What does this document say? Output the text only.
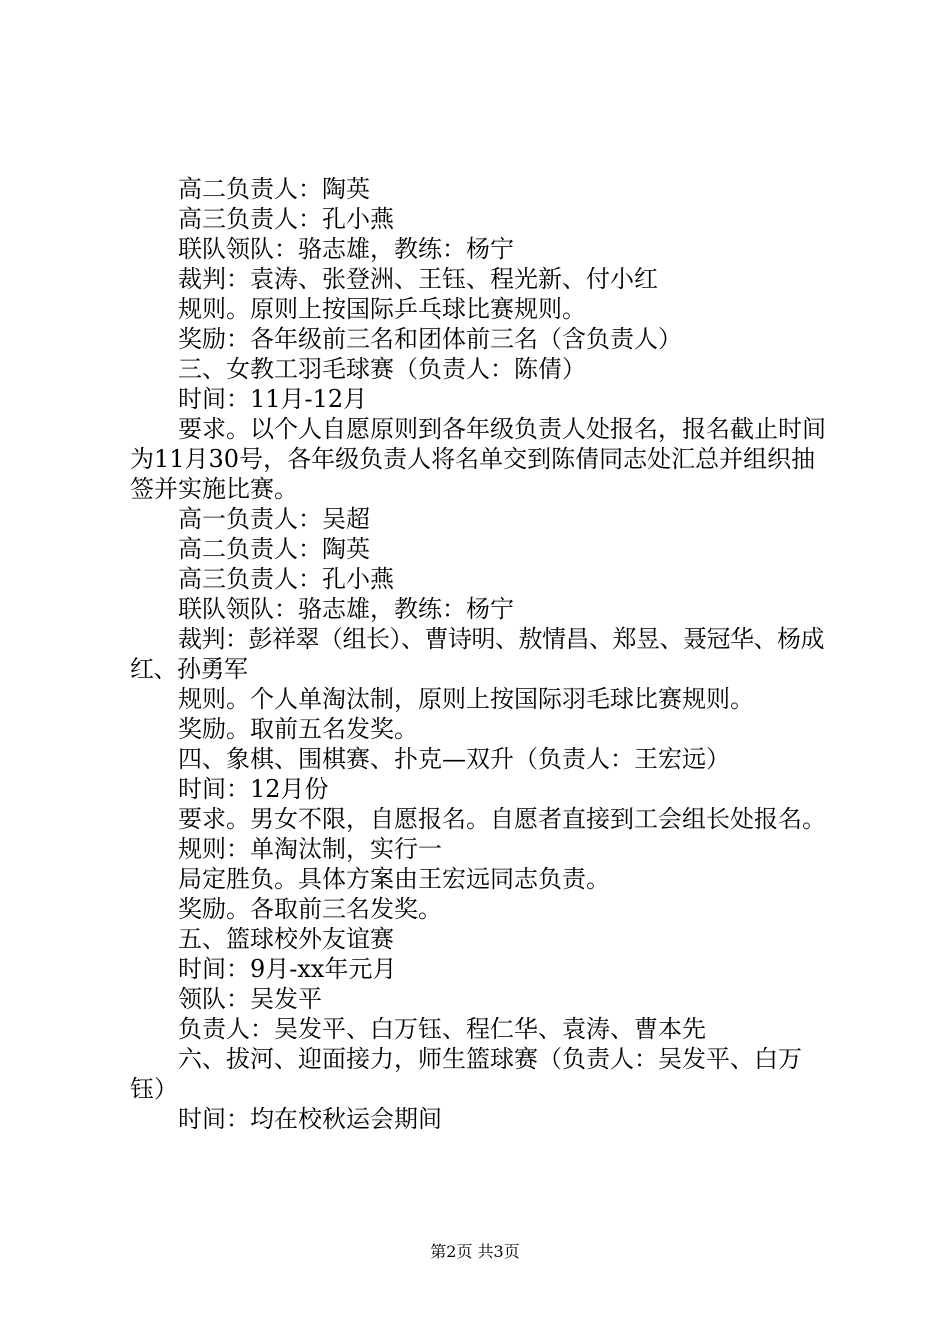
高二负责人：陶英

高三负责人：孔小燕

联队领队：骆志雄，教练：杨宁

裁判：袁涛、张登洲、王钰、程光新、付小红

规则。原则上按国际乒乓球比赛规则。

奖励：各年级前三名和团体前三名（含负责人）

三、女教工羽毛球赛（负责人：陈倩）

时间：11月-12月

要求。以个人自愿原则到各年级负责人处报名，报名截止时间为11月30号，各年级负责人将名单交到陈倩同志处汇总并组织抽签并实施比赛。

高一负责人：吴超

高二负责人：陶英

高三负责人：孔小燕

联队领队：骆志雄，教练：杨宁

裁判：彭祥翠（组长）、曹诗明、敖情昌、郑昱、聂冠华、杨成红、孙勇军

规则。个人单淘汰制，原则上按国际羽毛球比赛规则。

奖励。取前五名发奖。

四、象棋、围棋赛、扑克—双升（负责人：王宏远）

时间：12月份

要求。男女不限，自愿报名。自愿者直接到工会组长处报名。

规则：单淘汰制，实行一

局定胜负。具体方案由王宏远同志负责。

奖励。各取前三名发奖。

五、篮球校外友谊赛

时间：9月-xx年元月

领队：吴发平

负责人：吴发平、白万钰、程仁华、袁涛、曹本先

六、拔河、迎面接力，师生篮球赛（负责人：吴发平、白万钰）

时间：均在校秋运会期间

第2页 共3页
